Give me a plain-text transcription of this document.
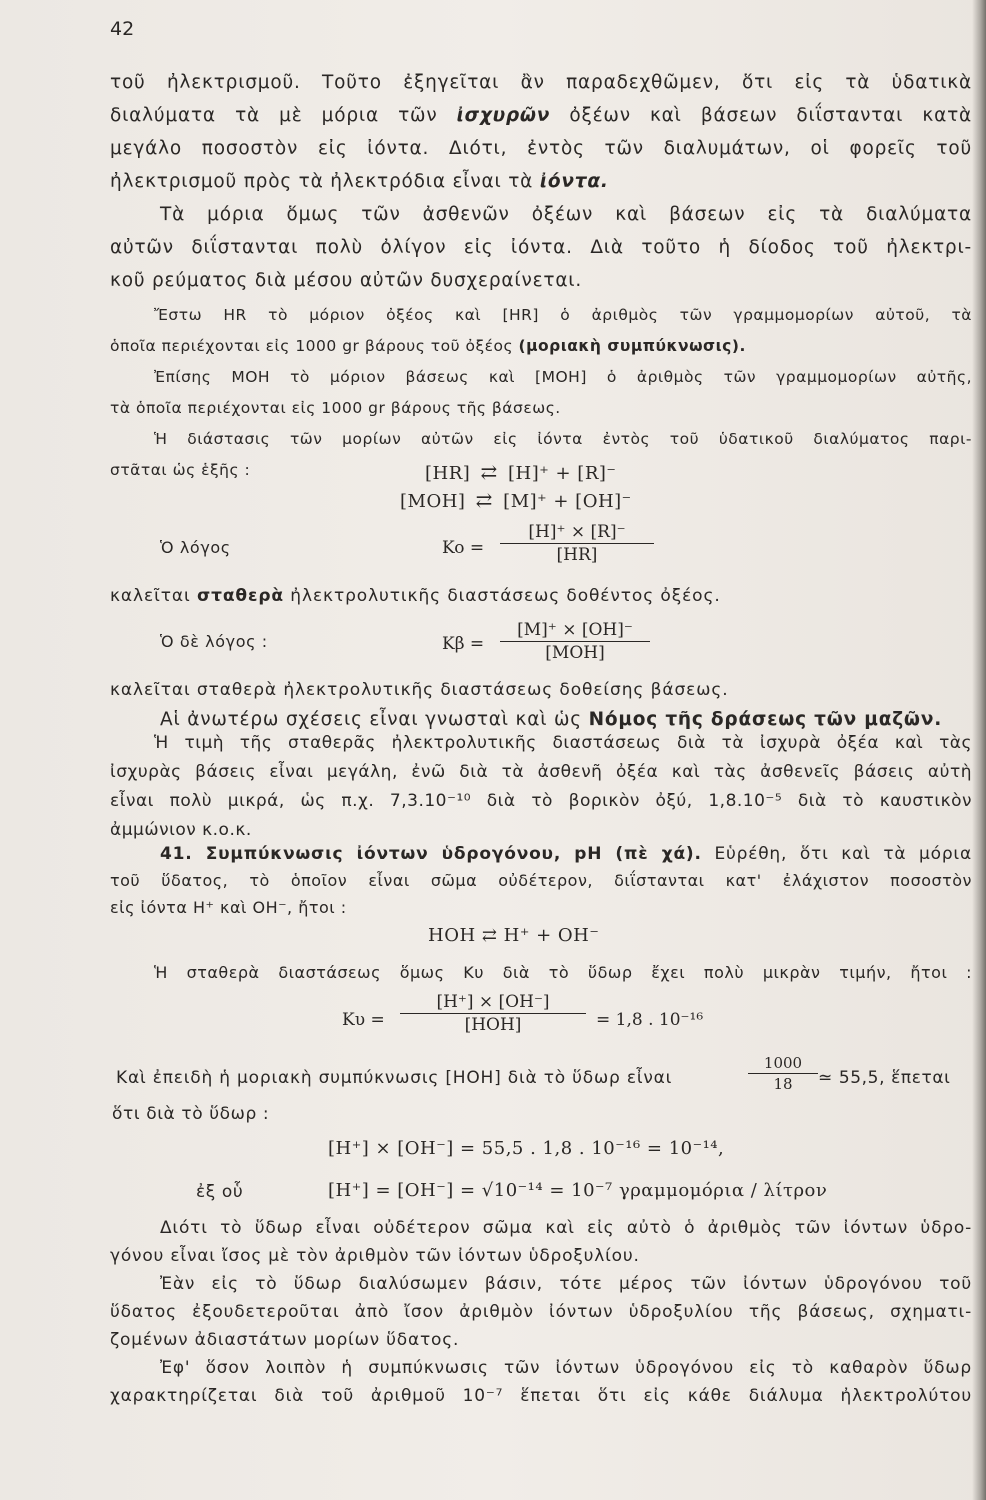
42
τοῦ ἠλεκτρισμοῦ. Τοῦτο ἐξηγεῖται ἂν παραδεχθῶμεν, ὅτι εἰς τὰ ὑδατικὰ
διαλύματα τὰ μὲ μόρια τῶν ἰσχυρῶν ὀξέων καὶ βάσεων διΐστανται κατὰ
μεγάλο ποσοστὸν εἰς ἰόντα. Διότι, ἐντὸς τῶν διαλυμάτων, οἱ φορεῖς τοῦ
ἠλεκτρισμοῦ πρὸς τὰ ἠλεκτρόδια εἶναι τὰ ἰόντα.
Τὰ μόρια ὅμως τῶν ἀσθενῶν ὀξέων καὶ βάσεων εἰς τὰ διαλύματα
αὐτῶν διΐστανται πολὺ ὀλίγον εἰς ἰόντα. Διὰ τοῦτο ἡ δίοδος τοῦ ἠλεκτρι-
κοῦ ρεύματος διὰ μέσου αὐτῶν δυσχεραίνεται.
Ἔστω HR τὸ μόριον ὀξέος καὶ [HR] ὁ ἀριθμὸς τῶν γραμμομορίων αὐτοῦ, τὰ
ὁποῖα περιέχονται εἰς 1000 gr βάρους τοῦ ὀξέος (μοριακὴ συμπύκνωσις).
Ἐπίσης MOH τὸ μόριον βάσεως καὶ [MOH] ὁ ἀριθμὸς τῶν γραμμομορίων αὐτῆς,
τὰ ὁποῖα περιέχονται εἰς 1000 gr βάρους τῆς βάσεως.
Ἡ διάστασις τῶν μορίων αὐτῶν εἰς ἰόντα ἐντὸς τοῦ ὑδατικοῦ διαλύματος παρι-
στᾶται ὡς ἑξῆς :	[HR] ⇄ [H]⁺ + [R]⁻
[MOH] ⇄ [M]⁺ + [OH]⁻
Ὁ λόγος	Ko =
[H]⁺ × [R]⁻
[HR]
καλεῖται σταθερὰ ἠλεκτρολυτικῆς διαστάσεως δοθέντος ὀξέος.
Ὁ δὲ λόγος :	Kβ =
[M]⁺ × [OH]⁻
[MOH]
καλεῖται σταθερὰ ἠλεκτρολυτικῆς διαστάσεως δοθείσης βάσεως.
Αἱ ἀνωτέρω σχέσεις εἶναι γνωσταὶ καὶ ὡς Νόμος τῆς δράσεως τῶν μαζῶν.
Ἡ τιμὴ τῆς σταθερᾶς ἠλεκτρολυτικῆς διαστάσεως διὰ τὰ ἰσχυρὰ ὀξέα καὶ τὰς
ἰσχυρὰς βάσεις εἶναι μεγάλη, ἐνῶ διὰ τὰ ἀσθενῆ ὀξέα καὶ τὰς ἀσθενεῖς βάσεις αὐτὴ
εἶναι πολὺ μικρά, ὡς π.χ. 7,3.10⁻¹⁰ διὰ τὸ βορικὸν ὀξύ, 1,8.10⁻⁵ διὰ τὸ καυστικὸν
ἀμμώνιον κ.ο.κ.
41. Συμπύκνωσις ἰόντων ὑδρογόνου, pH (πὲ χά). Εὑρέθη, ὅτι καὶ τὰ μόρια
τοῦ ὕδατος, τὸ ὁποῖον εἶναι σῶμα οὐδέτερον, διΐστανται κατ' ἐλάχιστον ποσοστὸν
εἰς ἰόντα H⁺ καὶ OH⁻, ἤτοι :
HOH ⇄ H⁺ + OH⁻
Ἡ σταθερὰ διαστάσεως ὅμως Kυ διὰ τὸ ὕδωρ ἔχει πολὺ μικρὰν τιμήν, ἤτοι :
Kυ =
[H⁺] × [OH⁻]
[HOH]	= 1,8 . 10⁻¹⁶
Καὶ ἐπειδὴ ἡ μοριακὴ συμπύκνωσις [HOH] διὰ τὸ ὕδωρ εἶναι
1000
18	≃ 55,5, ἕπεται
ὅτι διὰ τὸ ὕδωρ :
[H⁺] × [OH⁻] = 55,5 . 1,8 . 10⁻¹⁶ = 10⁻¹⁴,
ἐξ οὗ	[H⁺] = [OH⁻] = √10⁻¹⁴ = 10⁻⁷ γραμμομόρια / λίτρον
Διότι τὸ ὕδωρ εἶναι οὐδέτερον σῶμα καὶ εἰς αὐτὸ ὁ ἀριθμὸς τῶν ἰόντων ὑδρο-
γόνου εἶναι ἴσος μὲ τὸν ἀριθμὸν τῶν ἰόντων ὑδροξυλίου.
Ἐὰν εἰς τὸ ὕδωρ διαλύσωμεν βάσιν, τότε μέρος τῶν ἰόντων ὑδρογόνου τοῦ
ὕδατος ἐξουδετεροῦται ἀπὸ ἴσον ἀριθμὸν ἰόντων ὑδροξυλίου τῆς βάσεως, σχηματι-
ζομένων ἀδιαστάτων μορίων ὕδατος.
Ἐφ' ὅσον λοιπὸν ἡ συμπύκνωσις τῶν ἰόντων ὑδρογόνου εἰς τὸ καθαρὸν ὕδωρ
χαρακτηρίζεται διὰ τοῦ ἀριθμοῦ 10⁻⁷ ἕπεται ὅτι εἰς κάθε διάλυμα ἠλεκτρολύτου
